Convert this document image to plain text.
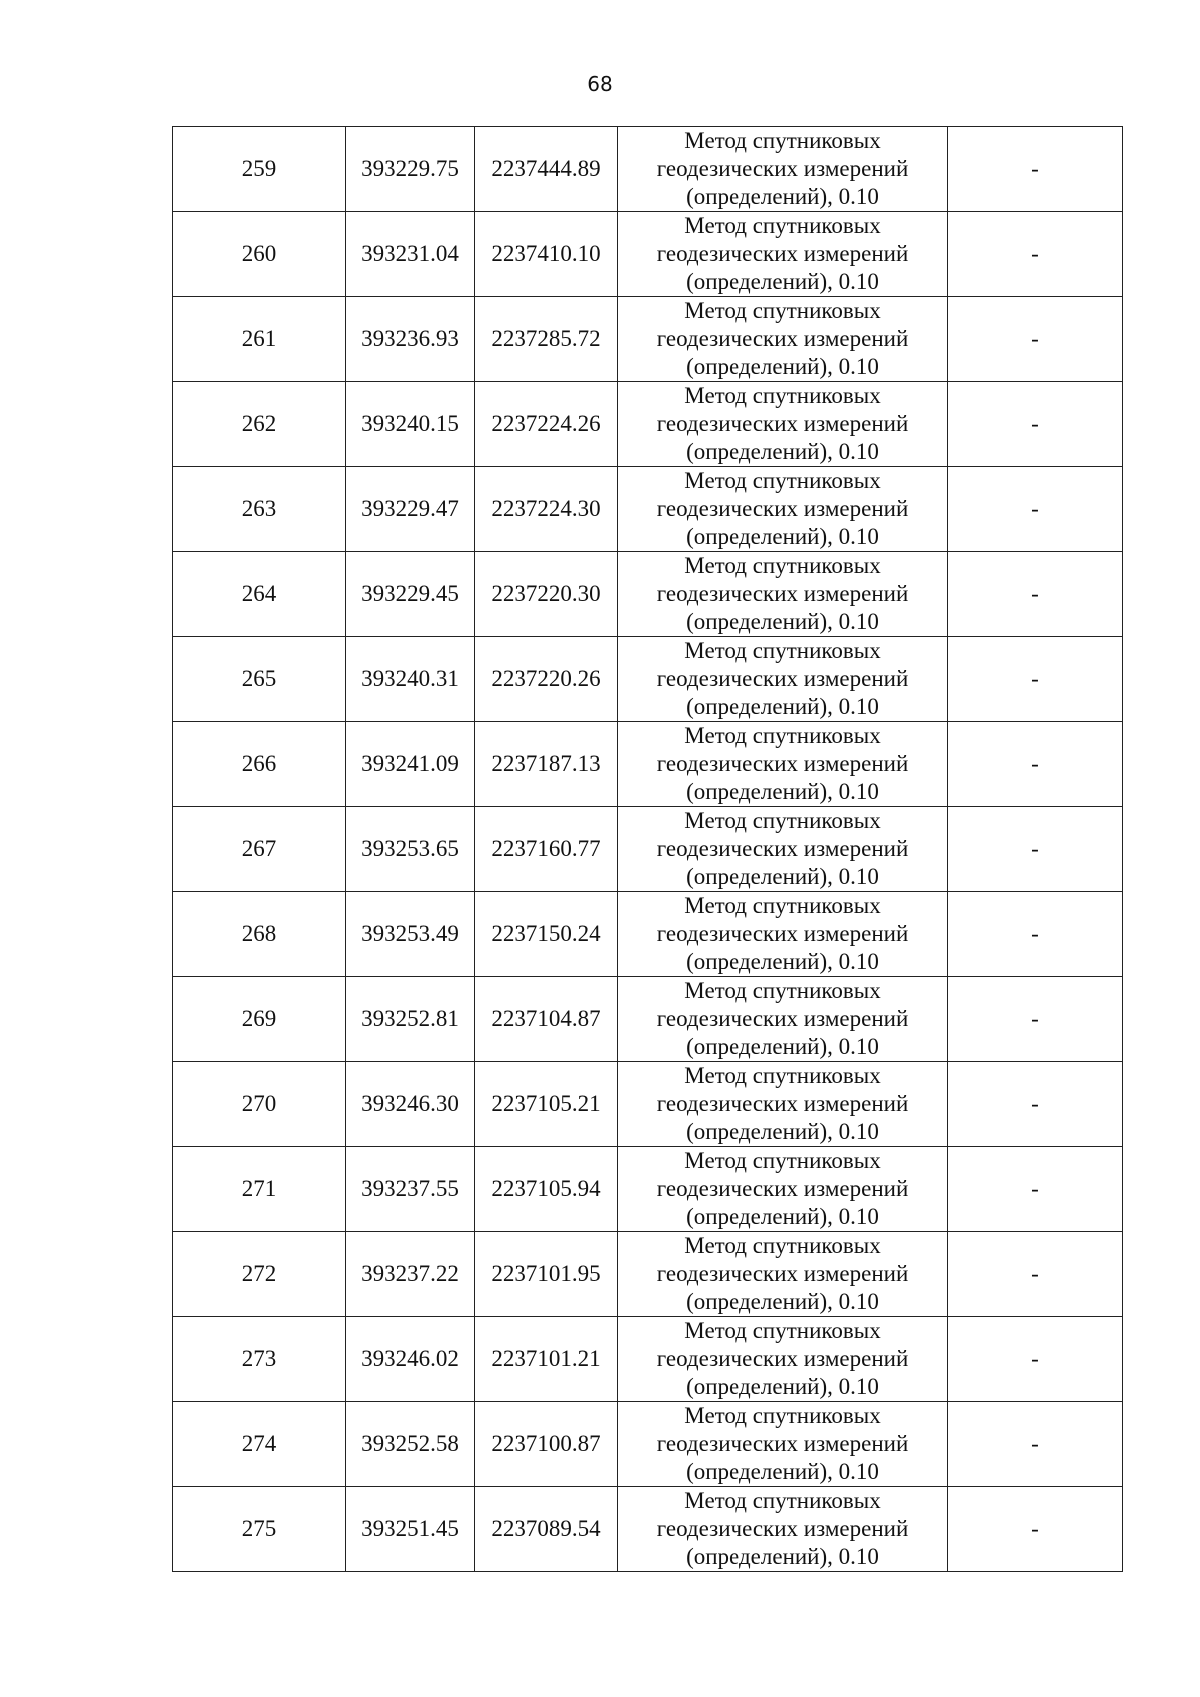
68
259	393229.75	2237444.89	Метод спутниковых
геодезических измерений
(определений), 0.10	-
260	393231.04	2237410.10	Метод спутниковых
геодезических измерений
(определений), 0.10	-
261	393236.93	2237285.72	Метод спутниковых
геодезических измерений
(определений), 0.10	-
262	393240.15	2237224.26	Метод спутниковых
геодезических измерений
(определений), 0.10	-
263	393229.47	2237224.30	Метод спутниковых
геодезических измерений
(определений), 0.10	-
264	393229.45	2237220.30	Метод спутниковых
геодезических измерений
(определений), 0.10	-
265	393240.31	2237220.26	Метод спутниковых
геодезических измерений
(определений), 0.10	-
266	393241.09	2237187.13	Метод спутниковых
геодезических измерений
(определений), 0.10	-
267	393253.65	2237160.77	Метод спутниковых
геодезических измерений
(определений), 0.10	-
268	393253.49	2237150.24	Метод спутниковых
геодезических измерений
(определений), 0.10	-
269	393252.81	2237104.87	Метод спутниковых
геодезических измерений
(определений), 0.10	-
270	393246.30	2237105.21	Метод спутниковых
геодезических измерений
(определений), 0.10	-
271	393237.55	2237105.94	Метод спутниковых
геодезических измерений
(определений), 0.10	-
272	393237.22	2237101.95	Метод спутниковых
геодезических измерений
(определений), 0.10	-
273	393246.02	2237101.21	Метод спутниковых
геодезических измерений
(определений), 0.10	-
274	393252.58	2237100.87	Метод спутниковых
геодезических измерений
(определений), 0.10	-
275	393251.45	2237089.54	Метод спутниковых
геодезических измерений
(определений), 0.10	-
